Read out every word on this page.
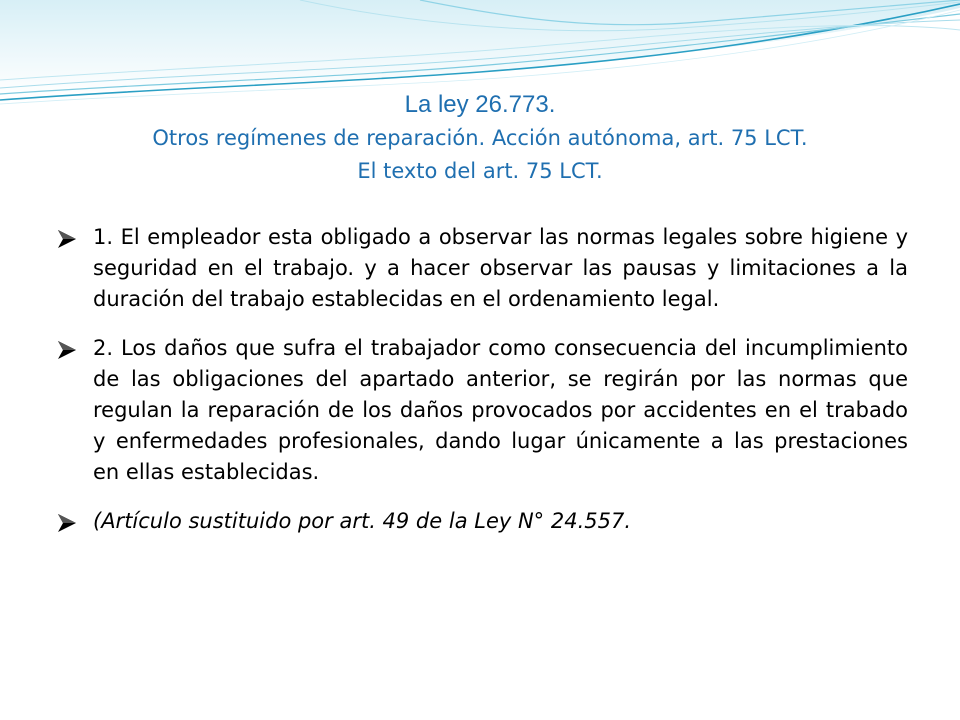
La ley 26.773.

Otros regímenes de reparación. Acción autónoma, art. 75 LCT.

El texto del art. 75 LCT.

1. El empleador esta obligado a observar las normas legales sobre higiene y seguridad en el trabajo. y a hacer observar las pausas y limitaciones a la duración del trabajo establecidas en el ordenamiento legal.

2. Los daños que sufra el trabajador como consecuencia del incumplimiento de las obligaciones del apartado anterior, se regirán por las normas que regulan la reparación de los daños provocados por accidentes en el trabado y enfermedades profesionales, dando lugar únicamente a las prestaciones en ellas establecidas.

(Artículo sustituido por art. 49 de la Ley N° 24.557.
